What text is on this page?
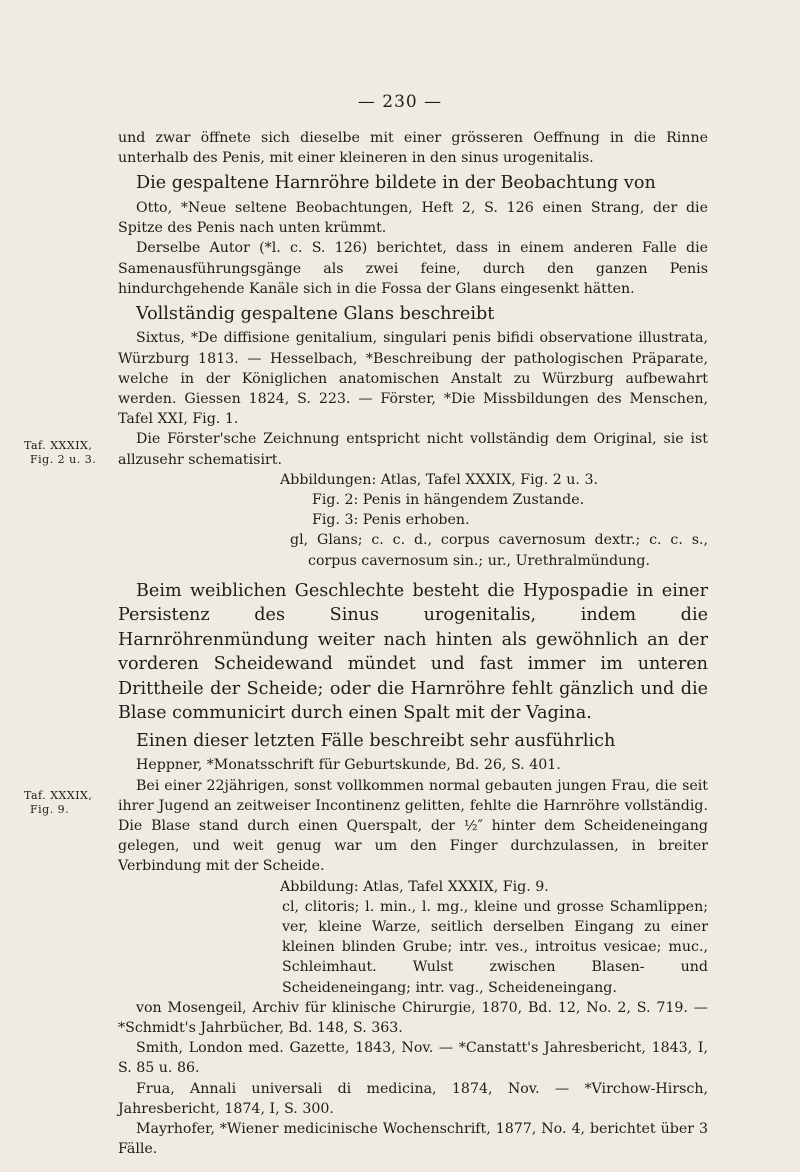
— 230 —
Taf. XXXIX,
Fig. 2 u. 3.
Taf. XXXIX,
Fig. 9.

und zwar öffnete sich dieselbe mit einer grösseren Oeffnung in die Rinne unterhalb des Penis, mit einer kleineren in den sinus urogenitalis.

Die gespaltene Harnröhre bildete in der Beobachtung von

Otto, *Neue seltene Beobachtungen, Heft 2, S. 126 einen Strang, der die Spitze des Penis nach unten krümmt.

Derselbe Autor (*l. c. S. 126) berichtet, dass in einem anderen Falle die Samenausführungsgänge als zwei feine, durch den ganzen Penis hindurchgehende Kanäle sich in die Fossa der Glans eingesenkt hätten.

Vollständig gespaltene Glans beschreibt

Sixtus, *De diffisione genitalium, singulari penis bifidi observatione illustrata, Würzburg 1813. — Hesselbach, *Beschreibung der pathologischen Präparate, welche in der Königlichen anatomischen Anstalt zu Würzburg aufbewahrt werden. Giessen 1824, S. 223. — Förster, *Die Missbildungen des Menschen, Tafel XXI, Fig. 1.

Die Förster'sche Zeichnung entspricht nicht vollständig dem Original, sie ist allzusehr schematisirt.

Abbildungen: Atlas, Tafel XXXIX, Fig. 2 u. 3.

Fig. 2: Penis in hängendem Zustande.

Fig. 3: Penis erhoben.

gl, Glans; c. c. d., corpus cavernosum dextr.; c. c. s., corpus cavernosum sin.; ur., Urethralmündung.

Beim weiblichen Geschlechte besteht die Hypospadie in einer Persistenz des Sinus urogenitalis, indem die Harnröhrenmündung weiter nach hinten als gewöhnlich an der vorderen Scheidewand mündet und fast immer im unteren Drittheile der Scheide; oder die Harnröhre fehlt gänzlich und die Blase communicirt durch einen Spalt mit der Vagina.

Einen dieser letzten Fälle beschreibt sehr ausführlich

Heppner, *Monatsschrift für Geburtskunde, Bd. 26, S. 401.

Bei einer 22jährigen, sonst vollkommen normal gebauten jungen Frau, die seit ihrer Jugend an zeitweiser Incontinenz gelitten, fehlte die Harnröhre vollständig. Die Blase stand durch einen Querspalt, der ½″ hinter dem Scheideneingang gelegen, und weit genug war um den Finger durchzulassen, in breiter Verbindung mit der Scheide.

Abbildung: Atlas, Tafel XXXIX, Fig. 9.

cl, clitoris; l. min., l. mg., kleine und grosse Schamlippen; ver, kleine Warze, seitlich derselben Eingang zu einer kleinen blinden Grube; intr. ves., introitus vesicae; muc., Schleimhaut. Wulst zwischen Blasen- und Scheideneingang; intr. vag., Scheideneingang.

von Mosengeil, Archiv für klinische Chirurgie, 1870, Bd. 12, No. 2, S. 719. — *Schmidt's Jahrbücher, Bd. 148, S. 363.

Smith, London med. Gazette, 1843, Nov. — *Canstatt's Jahresbericht, 1843, I, S. 85 u. 86.

Frua, Annali universali di medicina, 1874, Nov. — *Virchow-Hirsch, Jahresbericht, 1874, I, S. 300.

Mayrhofer, *Wiener medicinische Wochenschrift, 1877, No. 4, berichtet über 3 Fälle.
